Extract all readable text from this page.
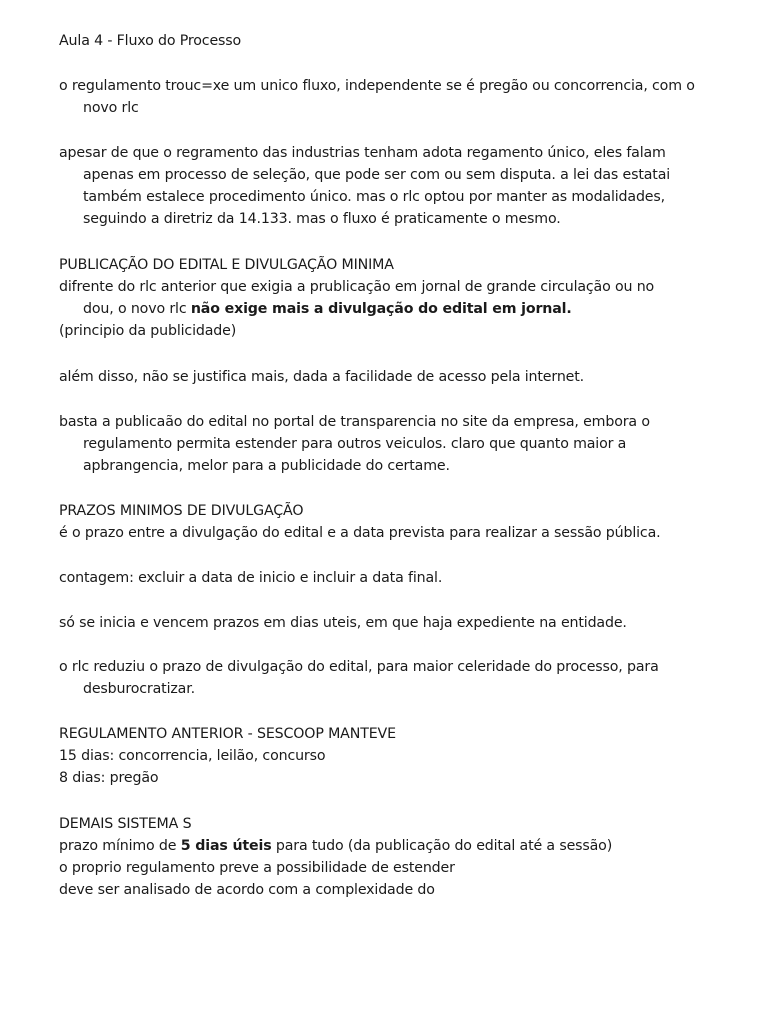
Aula 4 - Fluxo do Processo
o regulamento trouc=xe um unico fluxo, independente se é pregão ou concorrencia, com o
novo rlc
apesar de que o regramento das industrias tenham adota regamento único, eles falam
apenas em processo de seleção, que pode ser com ou sem disputa. a lei das estatai
também estalece procedimento único. mas o rlc optou por manter as modalidades,
seguindo a diretriz da 14.133. mas o fluxo é praticamente o mesmo.
PUBLICAÇÃO DO EDITAL E DIVULGAÇÃO MINIMA
difrente do rlc anterior que exigia a prublicação em jornal de grande circulação ou no
dou, o novo rlc não exige mais a divulgação do edital em jornal.
(principio da publicidade)
além disso, não se justifica mais, dada a facilidade de acesso pela internet.
basta a publicaão do edital no portal de transparencia no site da empresa, embora o
regulamento permita estender para outros veiculos. claro que quanto maior a
apbrangencia, melor para a publicidade do certame.
PRAZOS MINIMOS DE DIVULGAÇÃO
é o prazo entre a divulgação do edital e a data prevista para realizar a sessão pública.
contagem: excluir a data de inicio e incluir a data final.
só se inicia e vencem prazos em dias uteis, em que haja expediente na entidade.
o rlc reduziu o prazo de divulgação do edital, para maior celeridade do processo, para
desburocratizar.
REGULAMENTO ANTERIOR - SESCOOP MANTEVE
15 dias: concorrencia, leilão, concurso
8 dias: pregão
DEMAIS SISTEMA S
prazo mínimo de 5 dias úteis para tudo (da publicação do edital até a sessão)
o proprio regulamento preve a possibilidade de estender
deve ser analisado de acordo com a complexidade do
